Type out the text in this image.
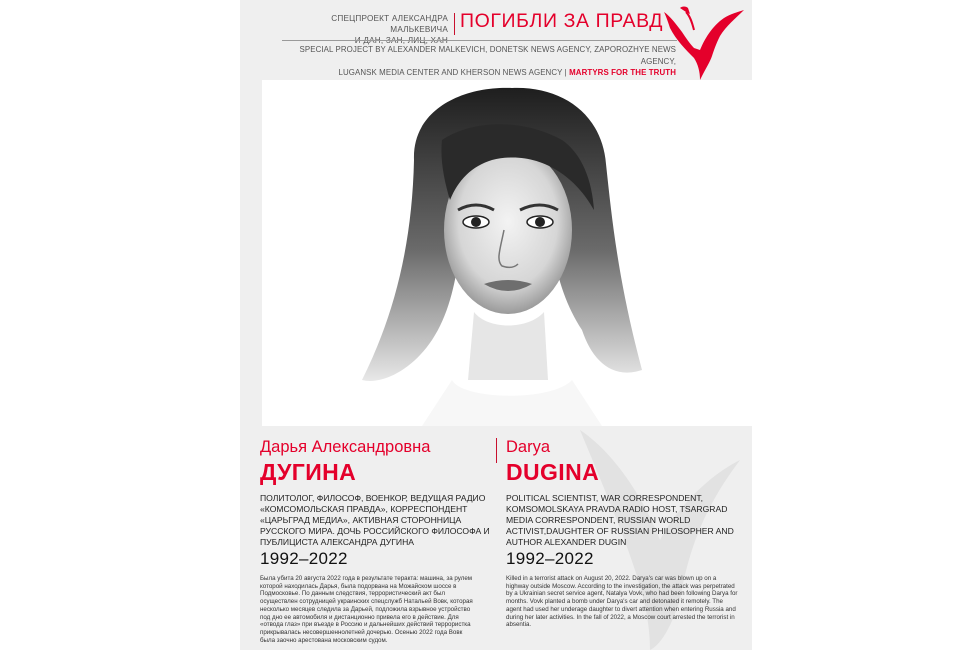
СПЕЦПРОЕКТ АЛЕКСАНДРА МАЛЬКЕВИЧА ПОГИБЛИ ЗА ПРАВД
SPECIAL PROJECT BY ALEXANDER MALKEVICH, DONETSK NEWS AGENCY, ZAPOROZHYE NEWS AGENCY,
LUGANSK MEDIA CENTER AND KHERSON NEWS AGENCY | MARTYRS FOR THE TRUTH
Дарья Александровна
ДУГИНА
ПОЛИТОЛОГ, ФИЛОСОФ, ВОЕНКОР, ВЕДУЩАЯ РАДИО «КОМСОМОЛЬСКАЯ ПРАВДА», КОРРЕСПОНДЕНТ «ЦАРЬГРАД МЕДИА», АКТИВНАЯ СТОРОННИЦА РУССКОГО МИРА. ДОЧЬ РОССИЙСКОГО ФИЛОСОФА И ПУБЛИЦИСТА АЛЕКСАНДРА ДУГИНА
Darya
DUGINA
POLITICAL SCIENTIST, WAR CORRESPONDENT, KOMSOMOLSKAYA PRAVDA RADIO HOST, TSARGRAD MEDIA CORRESPONDENT, RUSSIAN WORLD ACTIVIST,DAUGHTER OF RUSSIAN PHILOSOPHER AND AUTHOR ALEXANDER DUGIN
1992–2022	1992–2022
Была убита 20 августа 2022 года в результате теракта: машина, за рулем которой находилась Дарья, была подорвана на Можайском шоссе в Подмосковье. По данным следствия, террористический акт был осуществлен сотрудницей украинских спецслужб Натальей Вовк, которая несколько месяцев следила за Дарьей, подложила взрывное устройство под дно ее автомобиля и дистанционно привела его в действие. Для «отвода глаз» при въезде в Россию и дальнейших действий террористка прикрывалась несовершеннолетней дочерью. Осенью 2022 года Вовк была заочно арестована московским судом.
Killed in a terrorist attack on August 20, 2022. Darya's car was blown up on a highway outside Moscow. According to the investigation, the attack was perpetrated by a Ukrainian secret service agent, Natalya Vovk, who had been following Darya for months. Vovk planted a bomb under Darya's car and detonated it remotely. The agent had used her underage daughter to divert attention when entering Russia and during her later activities. In the fall of 2022, a Moscow court arrested the terrorist in absentia.
